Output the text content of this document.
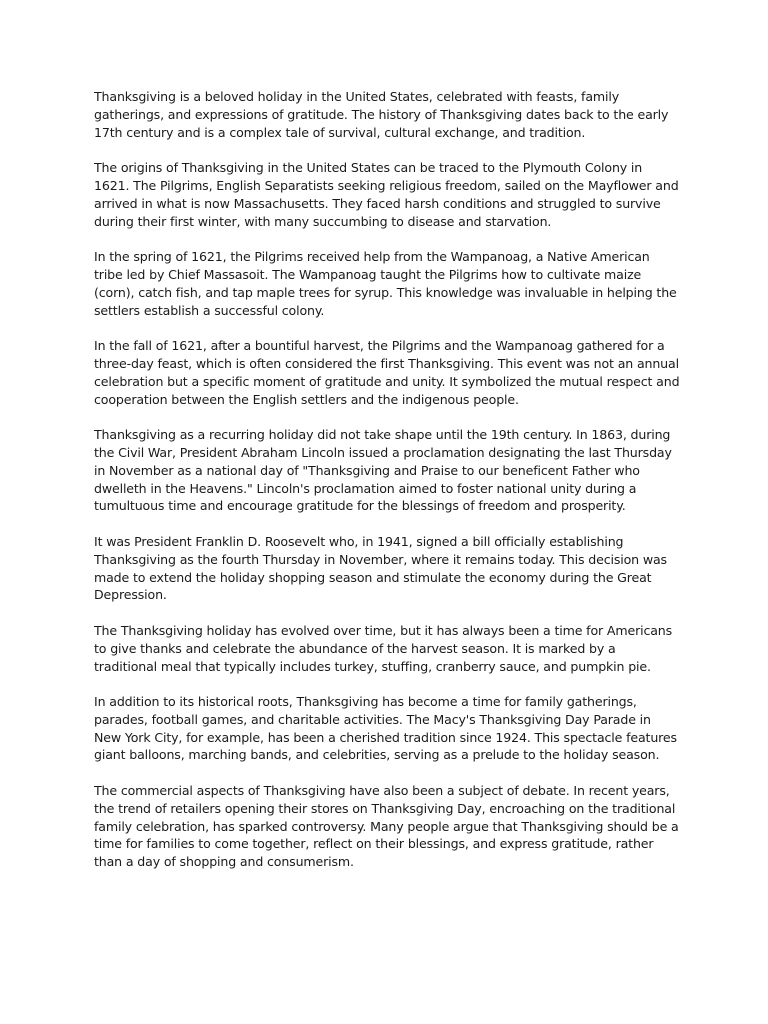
Thanksgiving is a beloved holiday in the United States, celebrated with feasts, family gatherings, and expressions of gratitude. The history of Thanksgiving dates back to the early 17th century and is a complex tale of survival, cultural exchange, and tradition.

The origins of Thanksgiving in the United States can be traced to the Plymouth Colony in 1621. The Pilgrims, English Separatists seeking religious freedom, sailed on the Mayflower and arrived in what is now Massachusetts. They faced harsh conditions and struggled to survive during their first winter, with many succumbing to disease and starvation.

In the spring of 1621, the Pilgrims received help from the Wampanoag, a Native American tribe led by Chief Massasoit. The Wampanoag taught the Pilgrims how to cultivate maize (corn), catch fish, and tap maple trees for syrup. This knowledge was invaluable in helping the settlers establish a successful colony.

In the fall of 1621, after a bountiful harvest, the Pilgrims and the Wampanoag gathered for a three-day feast, which is often considered the first Thanksgiving. This event was not an annual celebration but a specific moment of gratitude and unity. It symbolized the mutual respect and cooperation between the English settlers and the indigenous people.

Thanksgiving as a recurring holiday did not take shape until the 19th century. In 1863, during the Civil War, President Abraham Lincoln issued a proclamation designating the last Thursday in November as a national day of "Thanksgiving and Praise to our beneficent Father who dwelleth in the Heavens." Lincoln's proclamation aimed to foster national unity during a tumultuous time and encourage gratitude for the blessings of freedom and prosperity.

It was President Franklin D. Roosevelt who, in 1941, signed a bill officially establishing Thanksgiving as the fourth Thursday in November, where it remains today. This decision was made to extend the holiday shopping season and stimulate the economy during the Great Depression.

The Thanksgiving holiday has evolved over time, but it has always been a time for Americans to give thanks and celebrate the abundance of the harvest season. It is marked by a traditional meal that typically includes turkey, stuffing, cranberry sauce, and pumpkin pie.

In addition to its historical roots, Thanksgiving has become a time for family gatherings, parades, football games, and charitable activities. The Macy's Thanksgiving Day Parade in New York City, for example, has been a cherished tradition since 1924. This spectacle features giant balloons, marching bands, and celebrities, serving as a prelude to the holiday season.

The commercial aspects of Thanksgiving have also been a subject of debate. In recent years, the trend of retailers opening their stores on Thanksgiving Day, encroaching on the traditional family celebration, has sparked controversy. Many people argue that Thanksgiving should be a time for families to come together, reflect on their blessings, and express gratitude, rather than a day of shopping and consumerism.
